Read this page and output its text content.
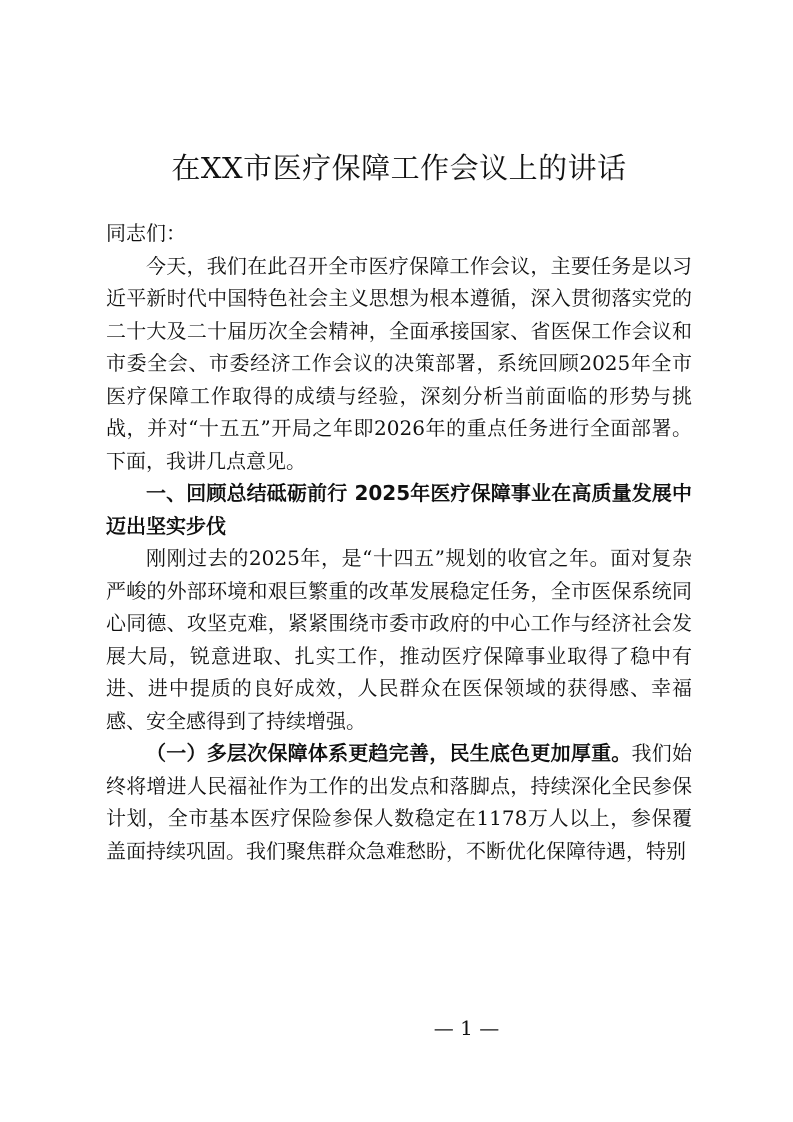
在XX市医疗保障工作会议上的讲话

同志们：

今天，我们在此召开全市医疗保障工作会议，主要任务是以习近平新时代中国特色社会主义思想为根本遵循，深入贯彻落实党的二十大及二十届历次全会精神，全面承接国家、省医保工作会议和市委全会、市委经济工作会议的决策部署，系统回顾2025年全市医疗保障工作取得的成绩与经验，深刻分析当前面临的形势与挑战，并对“十五五”开局之年即2026年的重点任务进行全面部署。下面，我讲几点意见。

一、回顾总结砥砺前行 2025年医疗保障事业在高质量发展中迈出坚实步伐

刚刚过去的2025年，是“十四五”规划的收官之年。面对复杂严峻的外部环境和艰巨繁重的改革发展稳定任务，全市医保系统同心同德、攻坚克难，紧紧围绕市委市政府的中心工作与经济社会发展大局，锐意进取、扎实工作，推动医疗保障事业取得了稳中有进、进中提质的良好成效，人民群众在医保领域的获得感、幸福感、安全感得到了持续增强。

（一）多层次保障体系更趋完善，民生底色更加厚重。我们始终将增进人民福祉作为工作的出发点和落脚点，持续深化全民参保计划，全市基本医疗保险参保人数稳定在1178万人以上，参保覆盖面持续巩固。我们聚焦群众急难愁盼，不断优化保障待遇，特别

— 1 —
